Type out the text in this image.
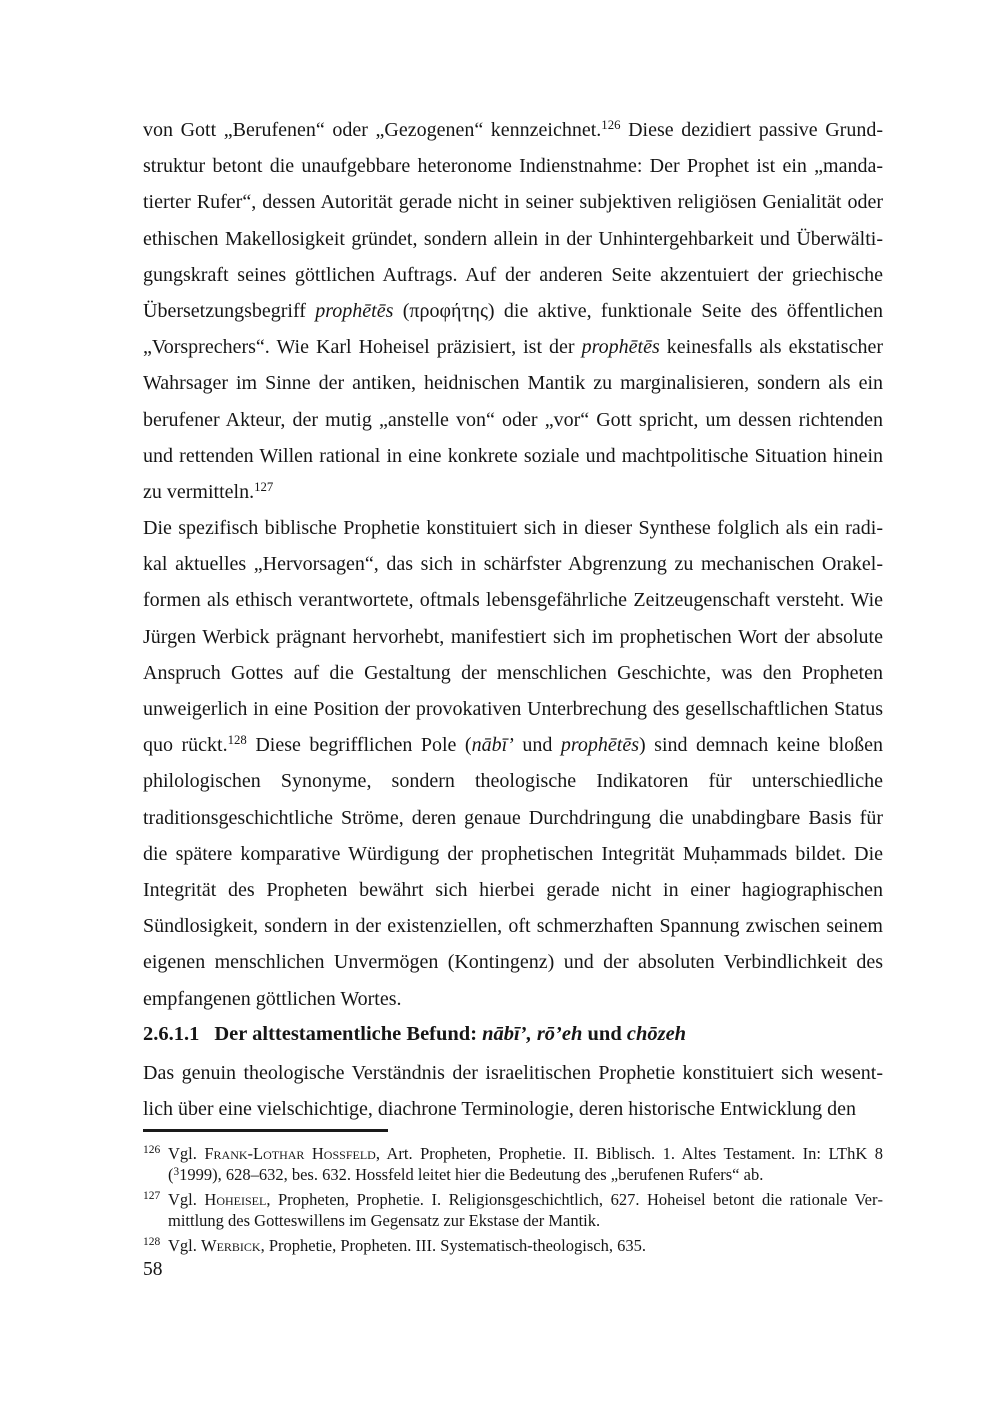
von Gott „Berufenen“ oder „Gezogenen“ kennzeichnet.$^{126}$ Diese dezidiert passive Grundstruktur betont die unaufgebbare heteronome Indienstnahme: Der Prophet ist ein „mandatierter Rufer“, dessen Autorität gerade nicht in seiner subjektiven religiösen Genialität oder ethischen Makellosigkeit gründet, sondern allein in der Unhintergehbarkeit und Überwältigungskraft seines göttlichen Auftrags. Auf der anderen Seite akzentuiert der griechische Übersetzungsbegriff prophētēs (προφήτης) die aktive, funktionale Seite des öffentlichen „Vorsprechers“. Wie Karl Hoheisel präzisiert, ist der prophētēs keinesfalls als ekstatischer Wahrsager im Sinne der antiken, heidnischen Mantik zu marginalisieren, sondern als ein berufener Akteur, der mutig „anstelle von“ oder „vor“ Gott spricht, um dessen richtenden und rettenden Willen rational in eine konkrete soziale und machtpolitische Situation hinein zu vermitteln.$^{127}$

Die spezifisch biblische Prophetie konstituiert sich in dieser Synthese folglich als ein radikal aktuelles „Hervorsagen“, das sich in schärfster Abgrenzung zu mechanischen Orakelformen als ethisch verantwortete, oftmals lebensgefährliche Zeitzeugenschaft versteht. Wie Jürgen Werbick prägnant hervorhebt, manifestiert sich im prophetischen Wort der absolute Anspruch Gottes auf die Gestaltung der menschlichen Geschichte, was den Propheten unweigerlich in eine Position der provokativen Unterbrechung des gesellschaftlichen Status quo rückt.$^{128}$ Diese begrifflichen Pole (nābī’ und prophētēs) sind demnach keine bloßen philologischen Synonyme, sondern theologische Indikatoren für unterschiedliche traditionsgeschichtliche Ströme, deren genaue Durchdringung die unabdingbare Basis für die spätere komparative Würdigung der prophetischen Integrität Muḥammads bildet. Die Integrität des Propheten bewährt sich hierbei gerade nicht in einer hagiographischen Sündlosigkeit, sondern in der existenziellen, oft schmerzhaften Spannung zwischen seinem eigenen menschlichen Unvermögen (Kontingenz) und der absoluten Verbindlichkeit des empfangenen göttlichen Wortes.

2.6.1.1 Der alttestamentliche Befund: nābī’, rō’eh und chōzeh

Das genuin theologische Verständnis der israelitischen Prophetie konstituiert sich wesentlich über eine vielschichtige, diachrone Terminologie, deren historische Entwicklung den

126 Vgl. Frank-Lothar Hossfeld, Art. Propheten, Prophetie. II. Biblisch. 1. Altes Testament. In: LThK 8 ($^3$1999), 628–632, bes. 632. Hossfeld leitet hier die Bedeutung des „berufenen Rufers“ ab.
127 Vgl. Hoheisel, Propheten, Prophetie. I. Religionsgeschichtlich, 627. Hoheisel betont die rationale Vermittlung des Gotteswillens im Gegensatz zur Ekstase der Mantik.
128 Vgl. Werbick, Prophetie, Propheten. III. Systematisch-theologisch, 635.
58
